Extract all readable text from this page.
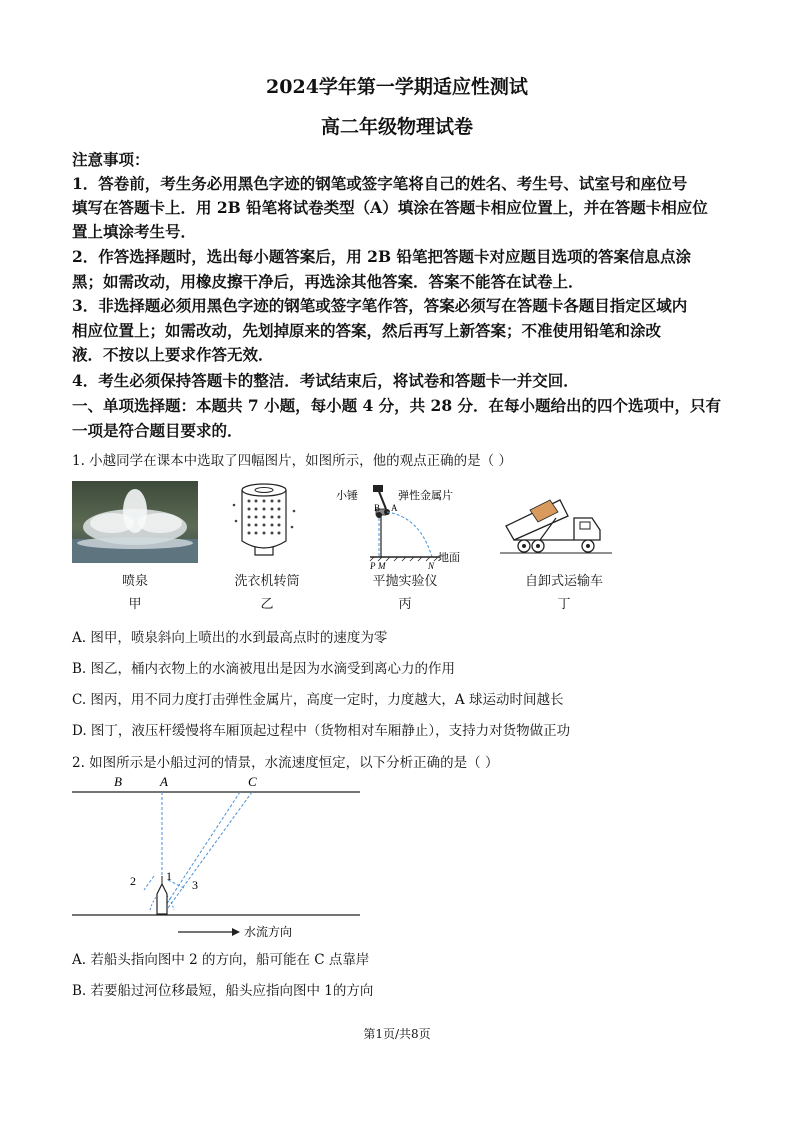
2024学年第一学期适应性测试
高二年级物理试卷
注意事项：
1．答卷前，考生务必用黑色字迹的钢笔或签字笔将自己的姓名、考生号、试室号和座位号
填写在答题卡上．用 2B 铅笔将试卷类型（A）填涂在答题卡相应位置上，并在答题卡相应位
置上填涂考生号．
2．作答选择题时，选出每小题答案后，用 2B 铅笔把答题卡对应题目选项的答案信息点涂
黑；如需改动，用橡皮擦干净后，再选涂其他答案．答案不能答在试卷上．
3．非选择题必须用黑色字迹的钢笔或签字笔作答，答案必须写在答题卡各题目指定区域内
相应位置上；如需改动，先划掉原来的答案，然后再写上新答案；不准使用铅笔和涂改
液．不按以上要求作答无效．
4．考生必须保持答题卡的整洁．考试结束后，将试卷和答题卡一并交回．
一、单项选择题：本题共 7 小题，每小题 4 分，共 28 分．在每小题给出的四个选项中，只有
一项是符合题目要求的．
1. 小越同学在课本中选取了四幅图片，如图所示，他的观点正确的是（ ）
喷泉
甲
洗衣机转筒
乙
小锤	弹性金属片
A
B
地面
P M	N
平抛实验仪
丙
自卸式运输车
丁
A. 图甲，喷泉斜向上喷出的水到最高点时的速度为零
B. 图乙，桶内衣物上的水滴被甩出是因为水滴受到离心力的作用
C. 图丙，用不同力度打击弹性金属片，高度一定时，力度越大，A 球运动时间越长
D. 图丁，液压杆缓慢将车厢顶起过程中（货物相对车厢静止），支持力对货物做正功
2. 如图所示是小船过河的情景，水流速度恒定，以下分析正确的是（ ）
B	A	C
1
2	3
水流方向
A. 若船头指向图中 2 的方向，船可能在 C 点靠岸
B. 若要船过河位移最短，船头应指向图中 1的方向
第1页/共8页
